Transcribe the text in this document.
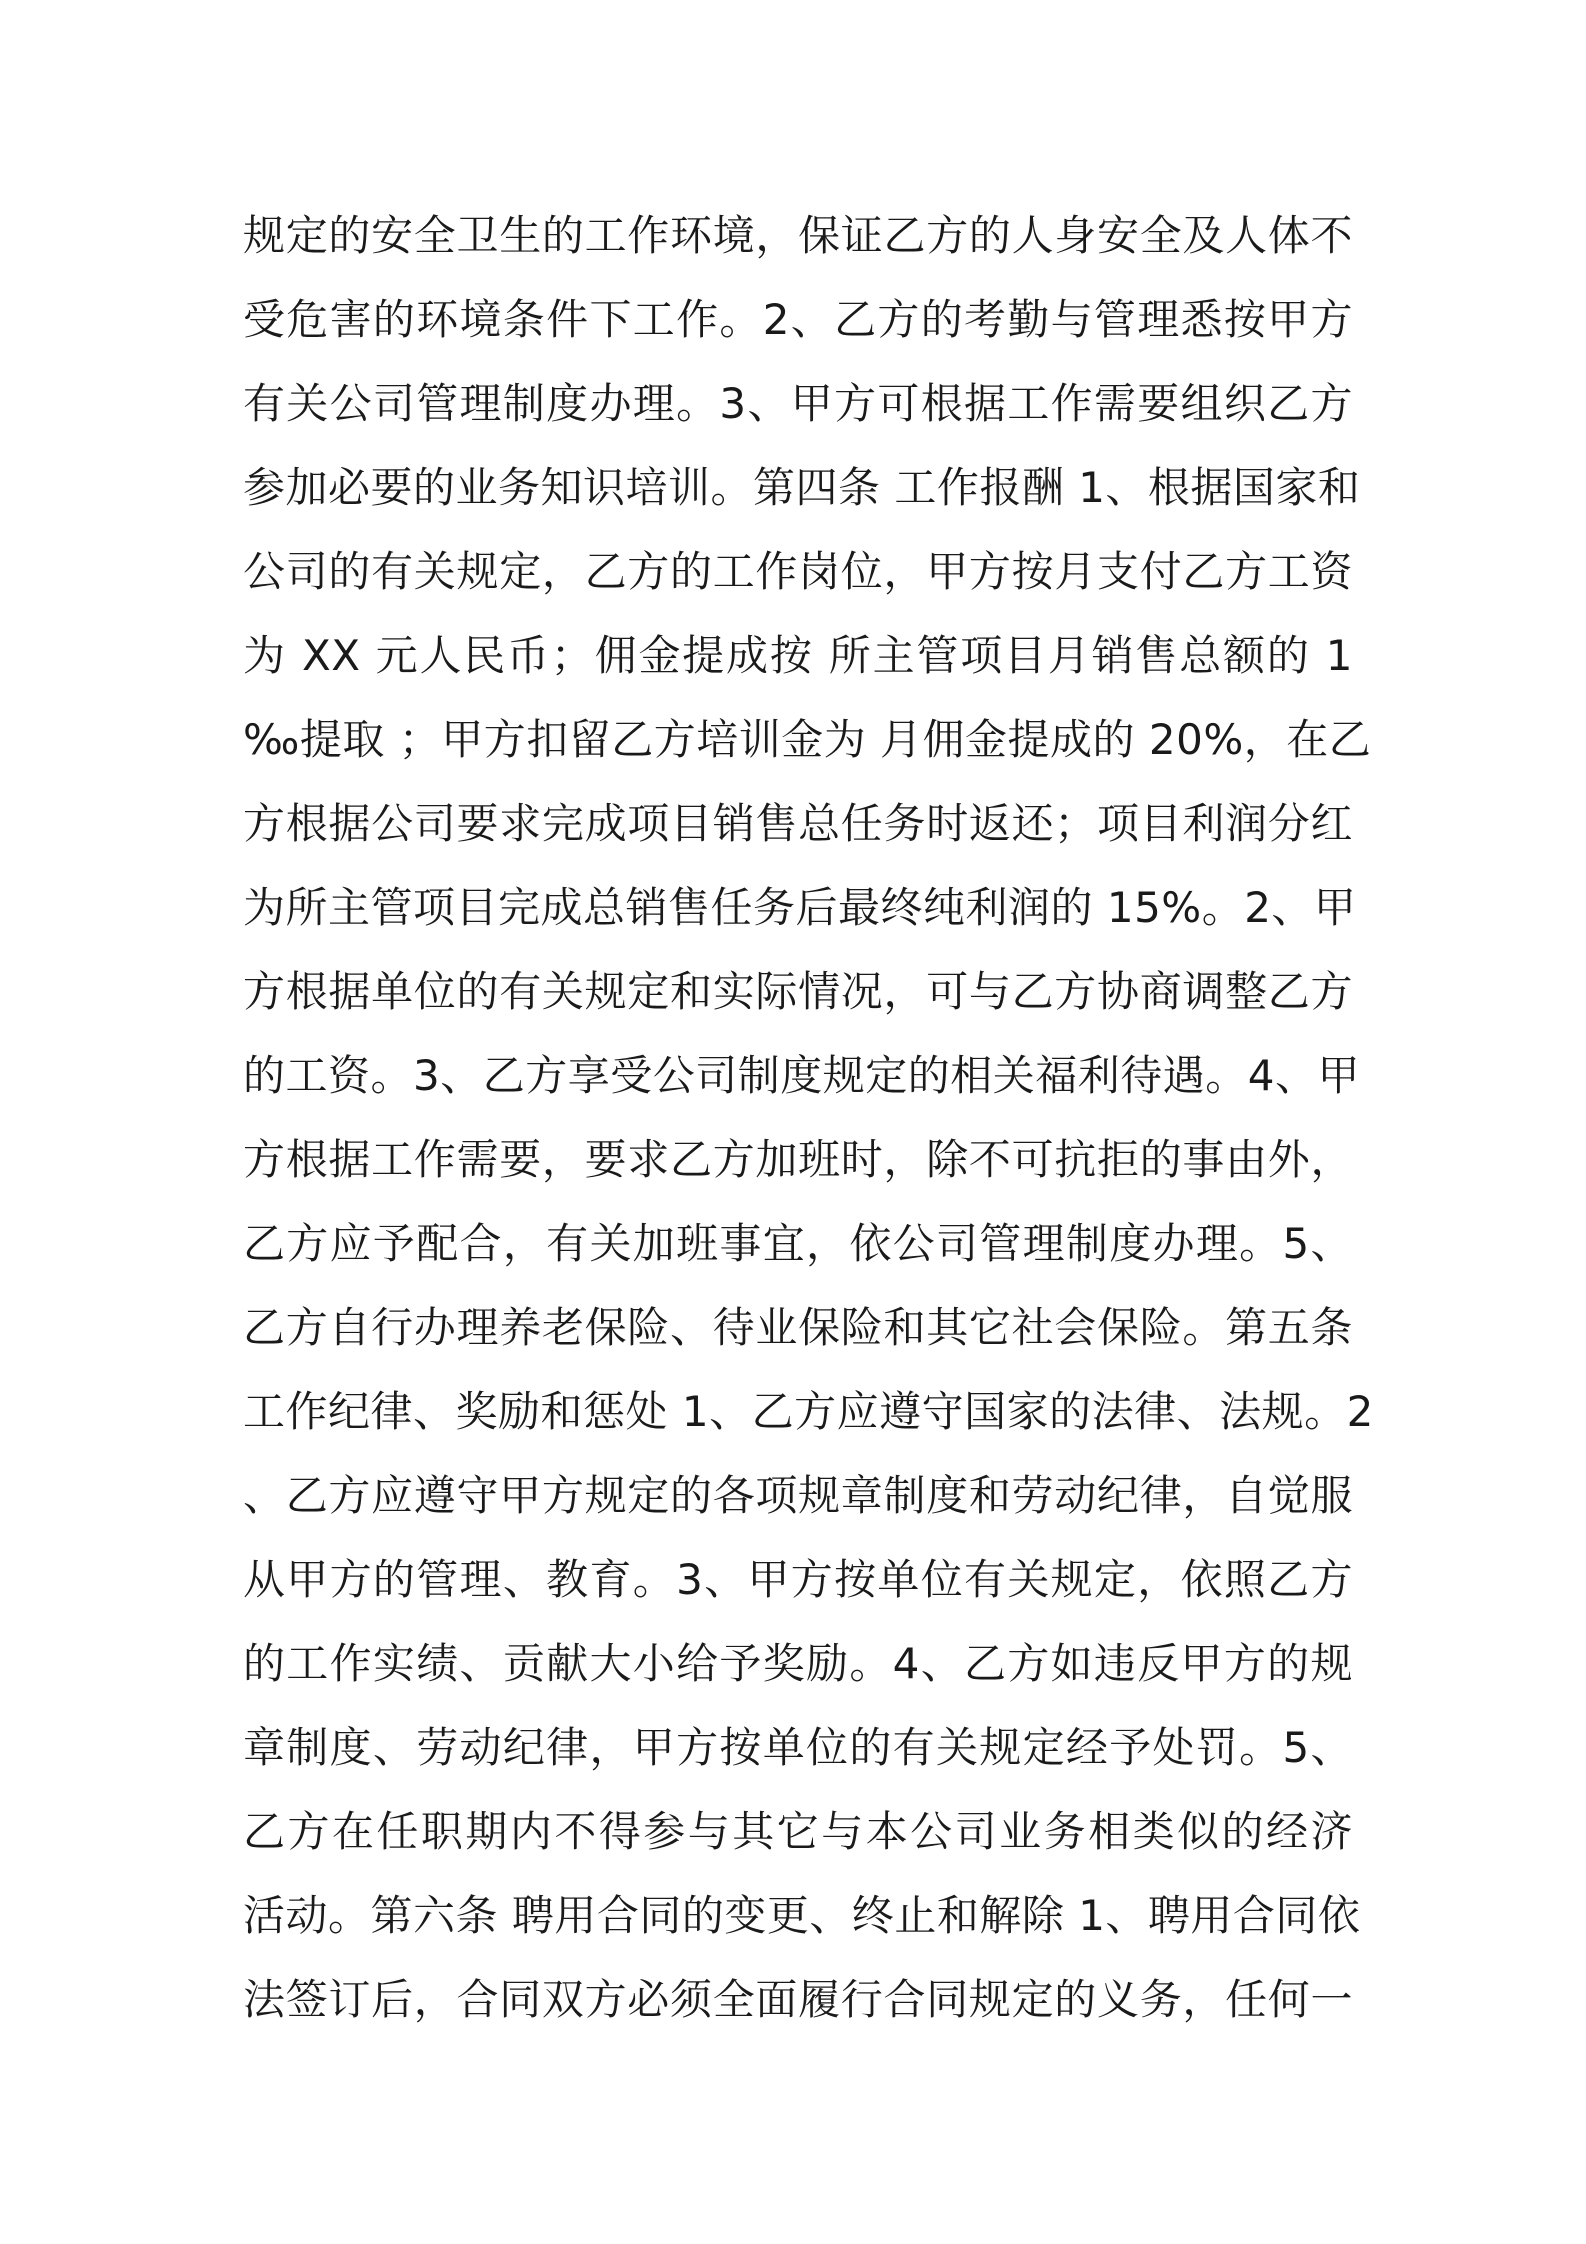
规定的安全卫生的工作环境，保证乙方的人身安全及人体不
受危害的环境条件下工作。2、乙方的考勤与管理悉按甲方
有关公司管理制度办理。3、甲方可根据工作需要组织乙方
参加必要的业务知识培训。第四条 工作报酬 1、根据国家和
公司的有关规定，乙方的工作岗位，甲方按月支付乙方工资
为 XX 元人民币；佣金提成按 所主管项目月销售总额的 1
‰提取 ；甲方扣留乙方培训金为 月佣金提成的 20%，在乙
方根据公司要求完成项目销售总任务时返还；项目利润分红
为所主管项目完成总销售任务后最终纯利润的 15%。2、甲
方根据单位的有关规定和实际情况，可与乙方协商调整乙方
的工资。3、乙方享受公司制度规定的相关福利待遇。4、甲
方根据工作需要，要求乙方加班时，除不可抗拒的事由外，
乙方应予配合，有关加班事宜，依公司管理制度办理。5、
乙方自行办理养老保险、待业保险和其它社会保险。第五条
工作纪律、奖励和惩处 1、乙方应遵守国家的法律、法规。2
、乙方应遵守甲方规定的各项规章制度和劳动纪律，自觉服
从甲方的管理、教育。3、甲方按单位有关规定，依照乙方
的工作实绩、贡献大小给予奖励。4、乙方如违反甲方的规
章制度、劳动纪律，甲方按单位的有关规定经予处罚。5、
乙方在任职期内不得参与其它与本公司业务相类似的经济
活动。第六条 聘用合同的变更、终止和解除 1、聘用合同依
法签订后，合同双方必须全面履行合同规定的义务，任何一
